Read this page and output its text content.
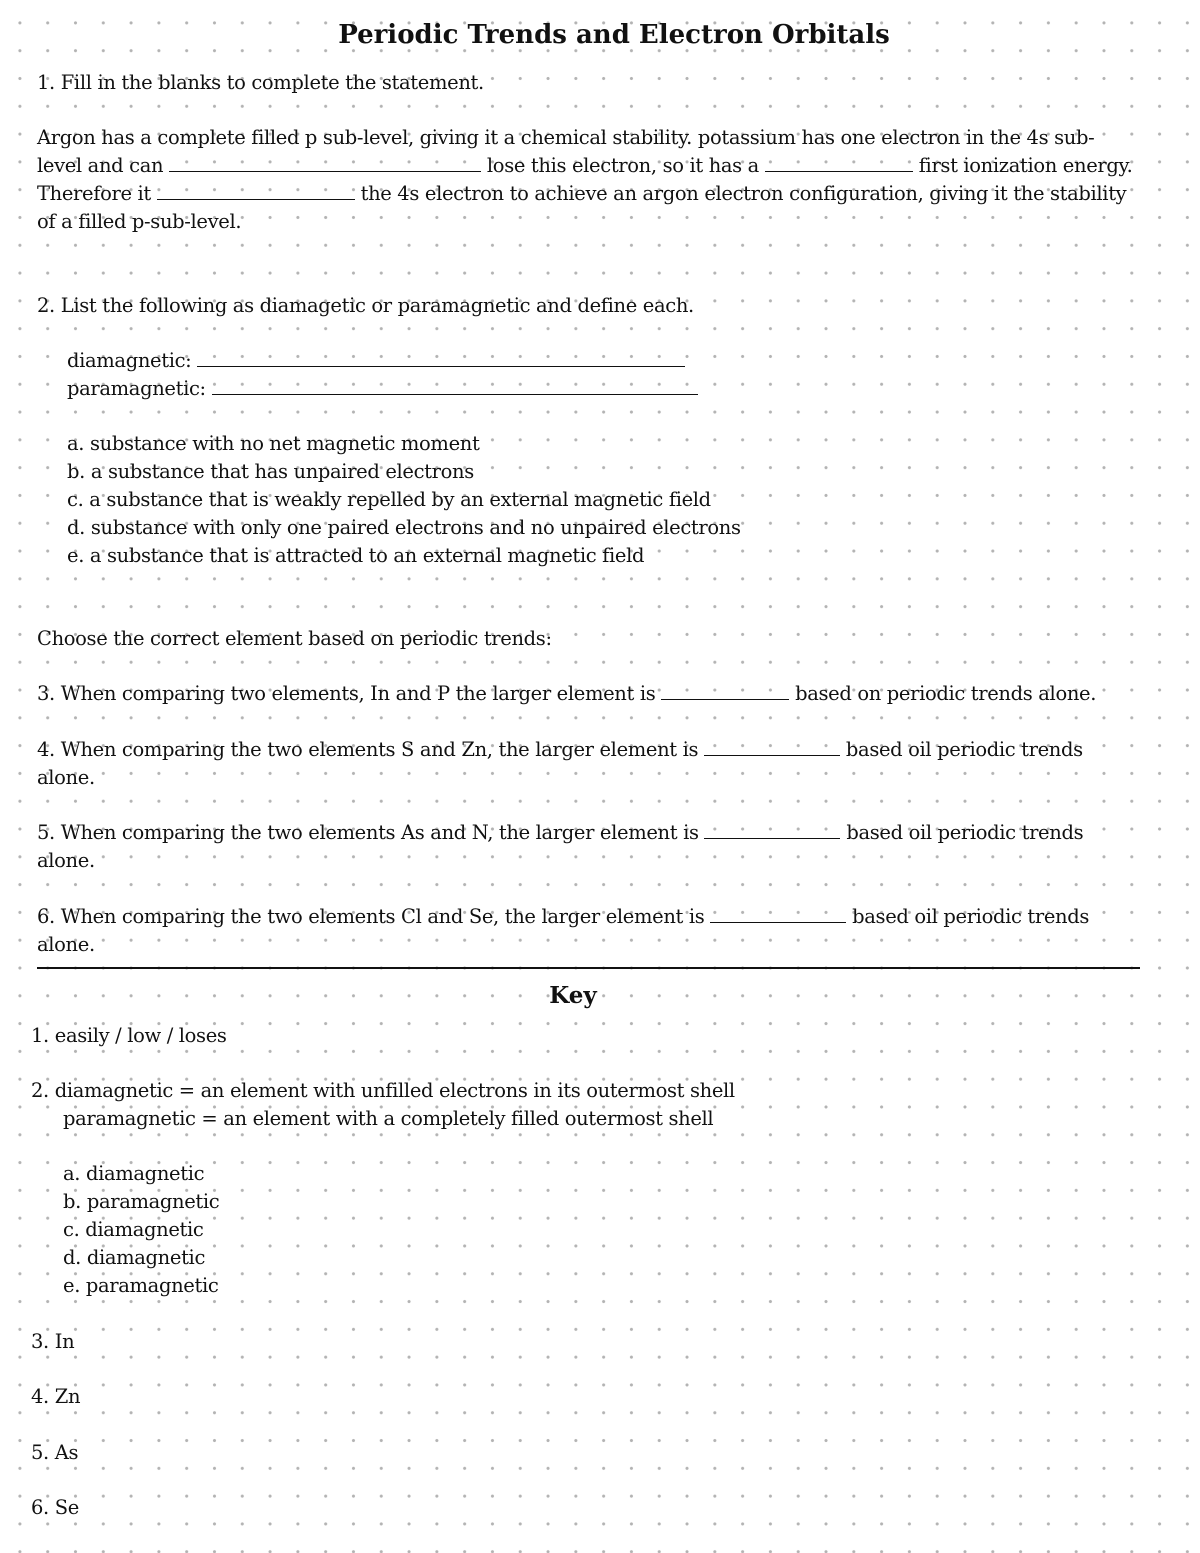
Periodic Trends and Electron Orbitals
1. Fill in the blanks to complete the statement.
Argon has a complete filled p sub-level, giving it a chemical stability. potassium has one electron in the 4s sub-
level and can	lose this electron, so it has a	first ionization energy.
Therefore it	the 4s electron to achieve an argon electron configuration, giving it the stability
of a filled p-sub-level.
2. List the following as diamagetic or paramagnetic and define each.
diamagnetic:
paramagnetic:
a. substance with no net magnetic moment
b. a substance that has unpaired electrons
c. a substance that is weakly repelled by an external magnetic field
d. substance with only one paired electrons and no unpaired electrons
e. a substance that is attracted to an external magnetic field
Choose the correct element based on periodic trends:
3. When comparing two elements, In and P the larger element is	based on periodic trends alone.
4. When comparing the two elements S and Zn, the larger element is	based oil periodic trends
alone.
5. When comparing the two elements As and N, the larger element is	based oil periodic trends
alone.
6. When comparing the two elements Cl and Se, the larger element is	based oil periodic trends
alone.
Key
1. easily / low / loses
2. diamagnetic = an element with unfilled electrons in its outermost shell
paramagnetic = an element with a completely filled outermost shell
a. diamagnetic
b. paramagnetic
c. diamagnetic
d. diamagnetic
e. paramagnetic
3. In
4. Zn
5. As
6. Se
